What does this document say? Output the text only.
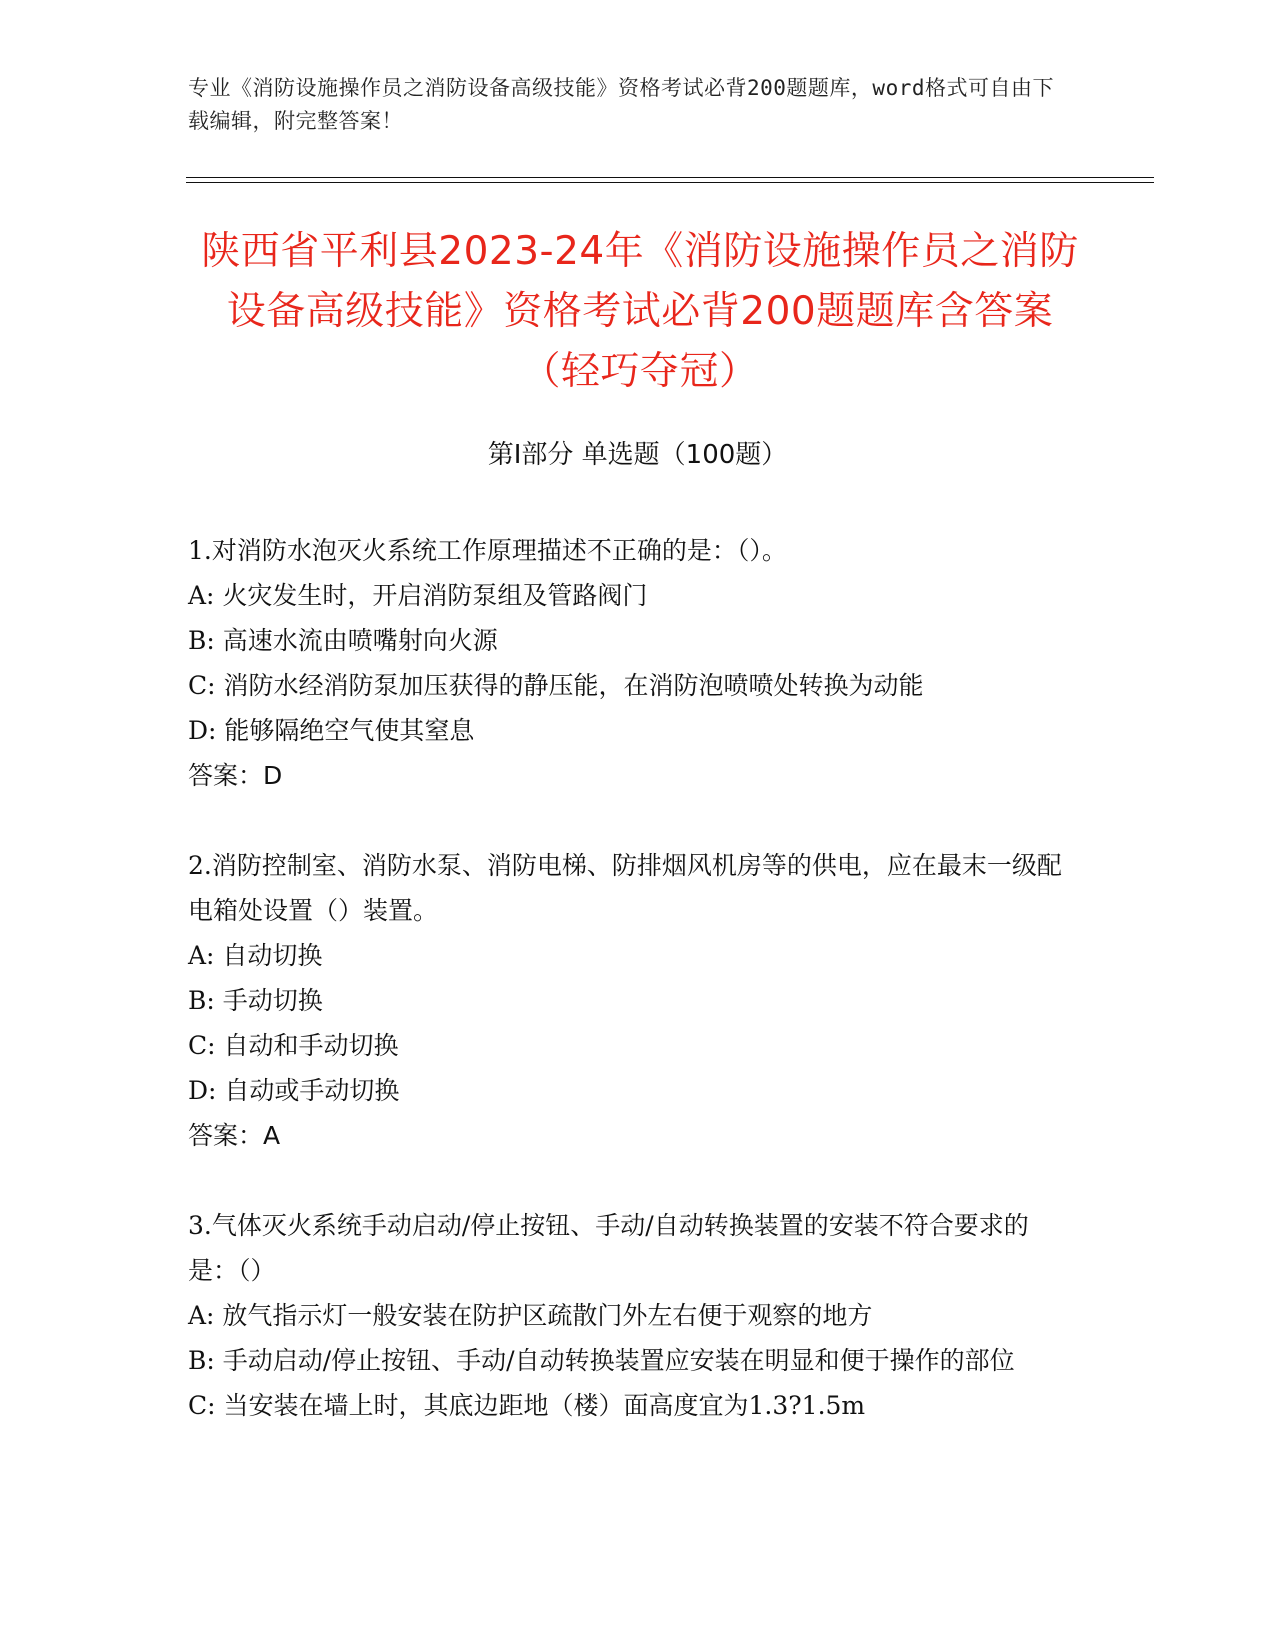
专业《消防设施操作员之消防设备高级技能》资格考试必背200题题库，word格式可自由下载编辑，附完整答案！
陕西省平利县2023-24年《消防设施操作员之消防设备高级技能》资格考试必背200题题库含答案（轻巧夺冠）
第I部分 单选题（100题）

1.对消防水泡灭火系统工作原理描述不正确的是：（）。

A: 火灾发生时，开启消防泵组及管路阀门

B: 高速水流由喷嘴射向火源

C: 消防水经消防泵加压获得的静压能，在消防泡喷喷处转换为动能

D: 能够隔绝空气使其窒息

答案：D

2.消防控制室、消防水泵、消防电梯、防排烟风机房等的供电，应在最末一级配电箱处设置（）装置。

A: 自动切换

B: 手动切换

C: 自动和手动切换

D: 自动或手动切换

答案：A

3.气体灭火系统手动启动/停止按钮、手动/自动转换装置的安装不符合要求的是：（）

A: 放气指示灯一般安装在防护区疏散门外左右便于观察的地方

B: 手动启动/停止按钮、手动/自动转换装置应安装在明显和便于操作的部位

C: 当安装在墙上时，其底边距地（楼）面高度宜为1.3?1.5m
